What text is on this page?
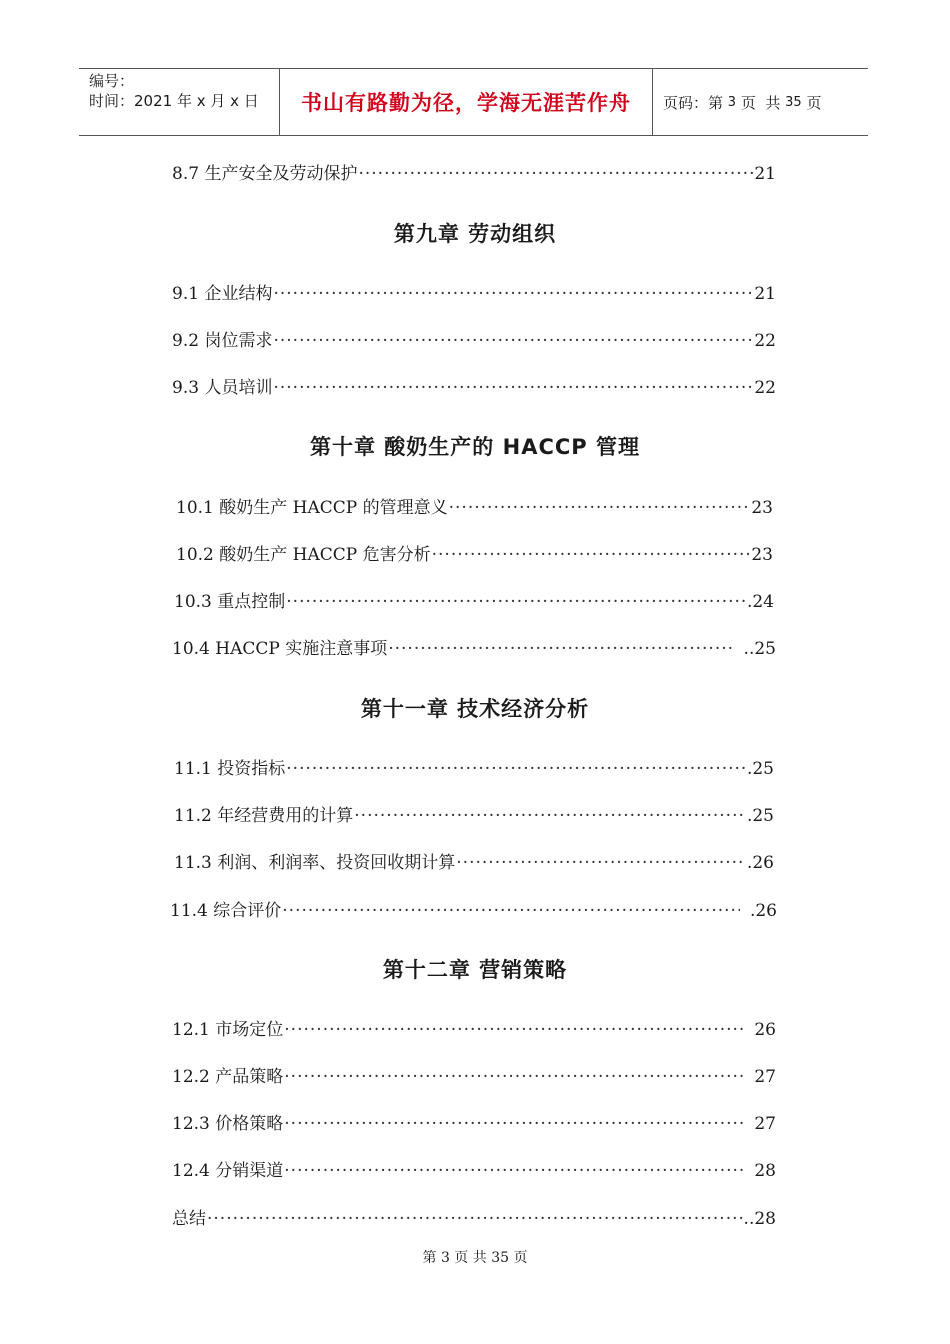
编号：
时间：2021 年 x 月 x 日	书山有路勤为径，学海无涯苦作舟	页码：第 3 页  共 35 页
8.7 生产安全及劳动保护 ·····	21
第九章 劳动组织
9.1 企业结构 ·····	21
9.2 岗位需求 ·····	22
9.3 人员培训 ·····	22
第十章 酸奶生产的 HACCP 管理
10.1 酸奶生产 HACCP 的管理意义 ·····	23
10.2 酸奶生产 HACCP 危害分析 ·····	23
10.3 重点控制 ·····	.24
10.4 HACCP 实施注意事项 ·····	..25
第十一章 技术经济分析
11.1 投资指标 ·····	.25
11.2 年经营费用的计算 ·····	.25
11.3 利润、利润率、投资回收期计算 ·····	.26
11.4 综合评价 ·····	.26
第十二章 营销策略
12.1 市场定位 ·····	26
12.2 产品策略 ·····	27
12.3 价格策略 ·····	27
12.4 分销渠道 ·····	28
总结 ·····	..28
第 3 页 共 35 页
